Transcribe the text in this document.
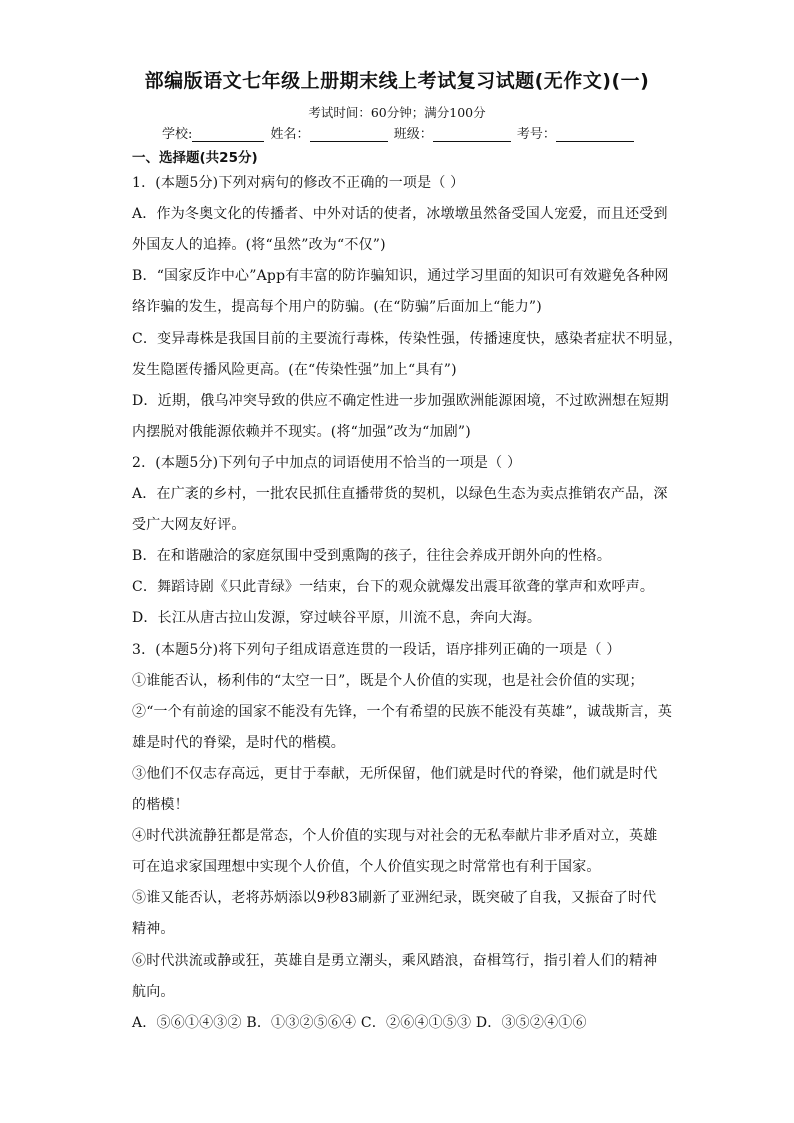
部编版语文七年级上册期末线上考试复习试题(无作文)(一)
考试时间：60分钟；满分100分
学校:	姓名：	班级：	考号：
一、选择题(共25分)
1．(本题5分)下列对病句的修改不正确的一项是（ ）
A．作为冬奥文化的传播者、中外对话的使者，冰墩墩虽然备受国人宠爱，而且还受到
外国友人的追捧。(将“虽然”改为“不仅”)
B．“国家反诈中心”App有丰富的防诈骗知识，通过学习里面的知识可有效避免各种网
络诈骗的发生，提高每个用户的防骗。(在“防骗”后面加上“能力”)
C．变异毒株是我国目前的主要流行毒株，传染性强，传播速度快，感染者症状不明显，
发生隐匿传播风险更高。(在“传染性强”加上“具有”)
D．近期，俄乌冲突导致的供应不确定性进一步加强欧洲能源困境，不过欧洲想在短期
内摆脱对俄能源依赖并不现实。(将“加强”改为“加剧”)
2．(本题5分)下列句子中加点的词语使用不恰当的一项是（ ）
A．在广袤的乡村，一批农民抓住直播带货的契机，以绿色生态为卖点推销农产品，深
受广大网友好评。
B．在和谐融洽的家庭氛围中受到熏陶的孩子，往往会养成开朗外向的性格。
C．舞蹈诗剧《只此青绿》一结束，台下的观众就爆发出震耳欲聋的掌声和欢呼声。
D．长江从唐古拉山发源，穿过峡谷平原，川流不息，奔向大海。
3．(本题5分)将下列句子组成语意连贯的一段话，语序排列正确的一项是（ ）
①谁能否认，杨利伟的“太空一日”，既是个人价值的实现，也是社会价值的实现；
②“一个有前途的国家不能没有先锋，一个有希望的民族不能没有英雄”，诚哉斯言，英
雄是时代的脊梁，是时代的楷模。
③他们不仅志存高远，更甘于奉献，无所保留，他们就是时代的脊梁，他们就是时代
的楷模！
④时代洪流静狂都是常态，个人价值的实现与对社会的无私奉献片非矛盾对立，英雄
可在追求家国理想中实现个人价值，个人价值实现之时常常也有利于国家。
⑤谁又能否认，老将苏炳添以9秒83刷新了亚洲纪录，既突破了自我，又振奋了时代
精神。
⑥时代洪流或静或狂，英雄自是勇立潮头，乘风踏浪，奋楫笃行，指引着人们的精神
航向。
A．⑤⑥①④③② B．①③②⑤⑥④ C．②⑥④①⑤③ D．③⑤②④①⑥
